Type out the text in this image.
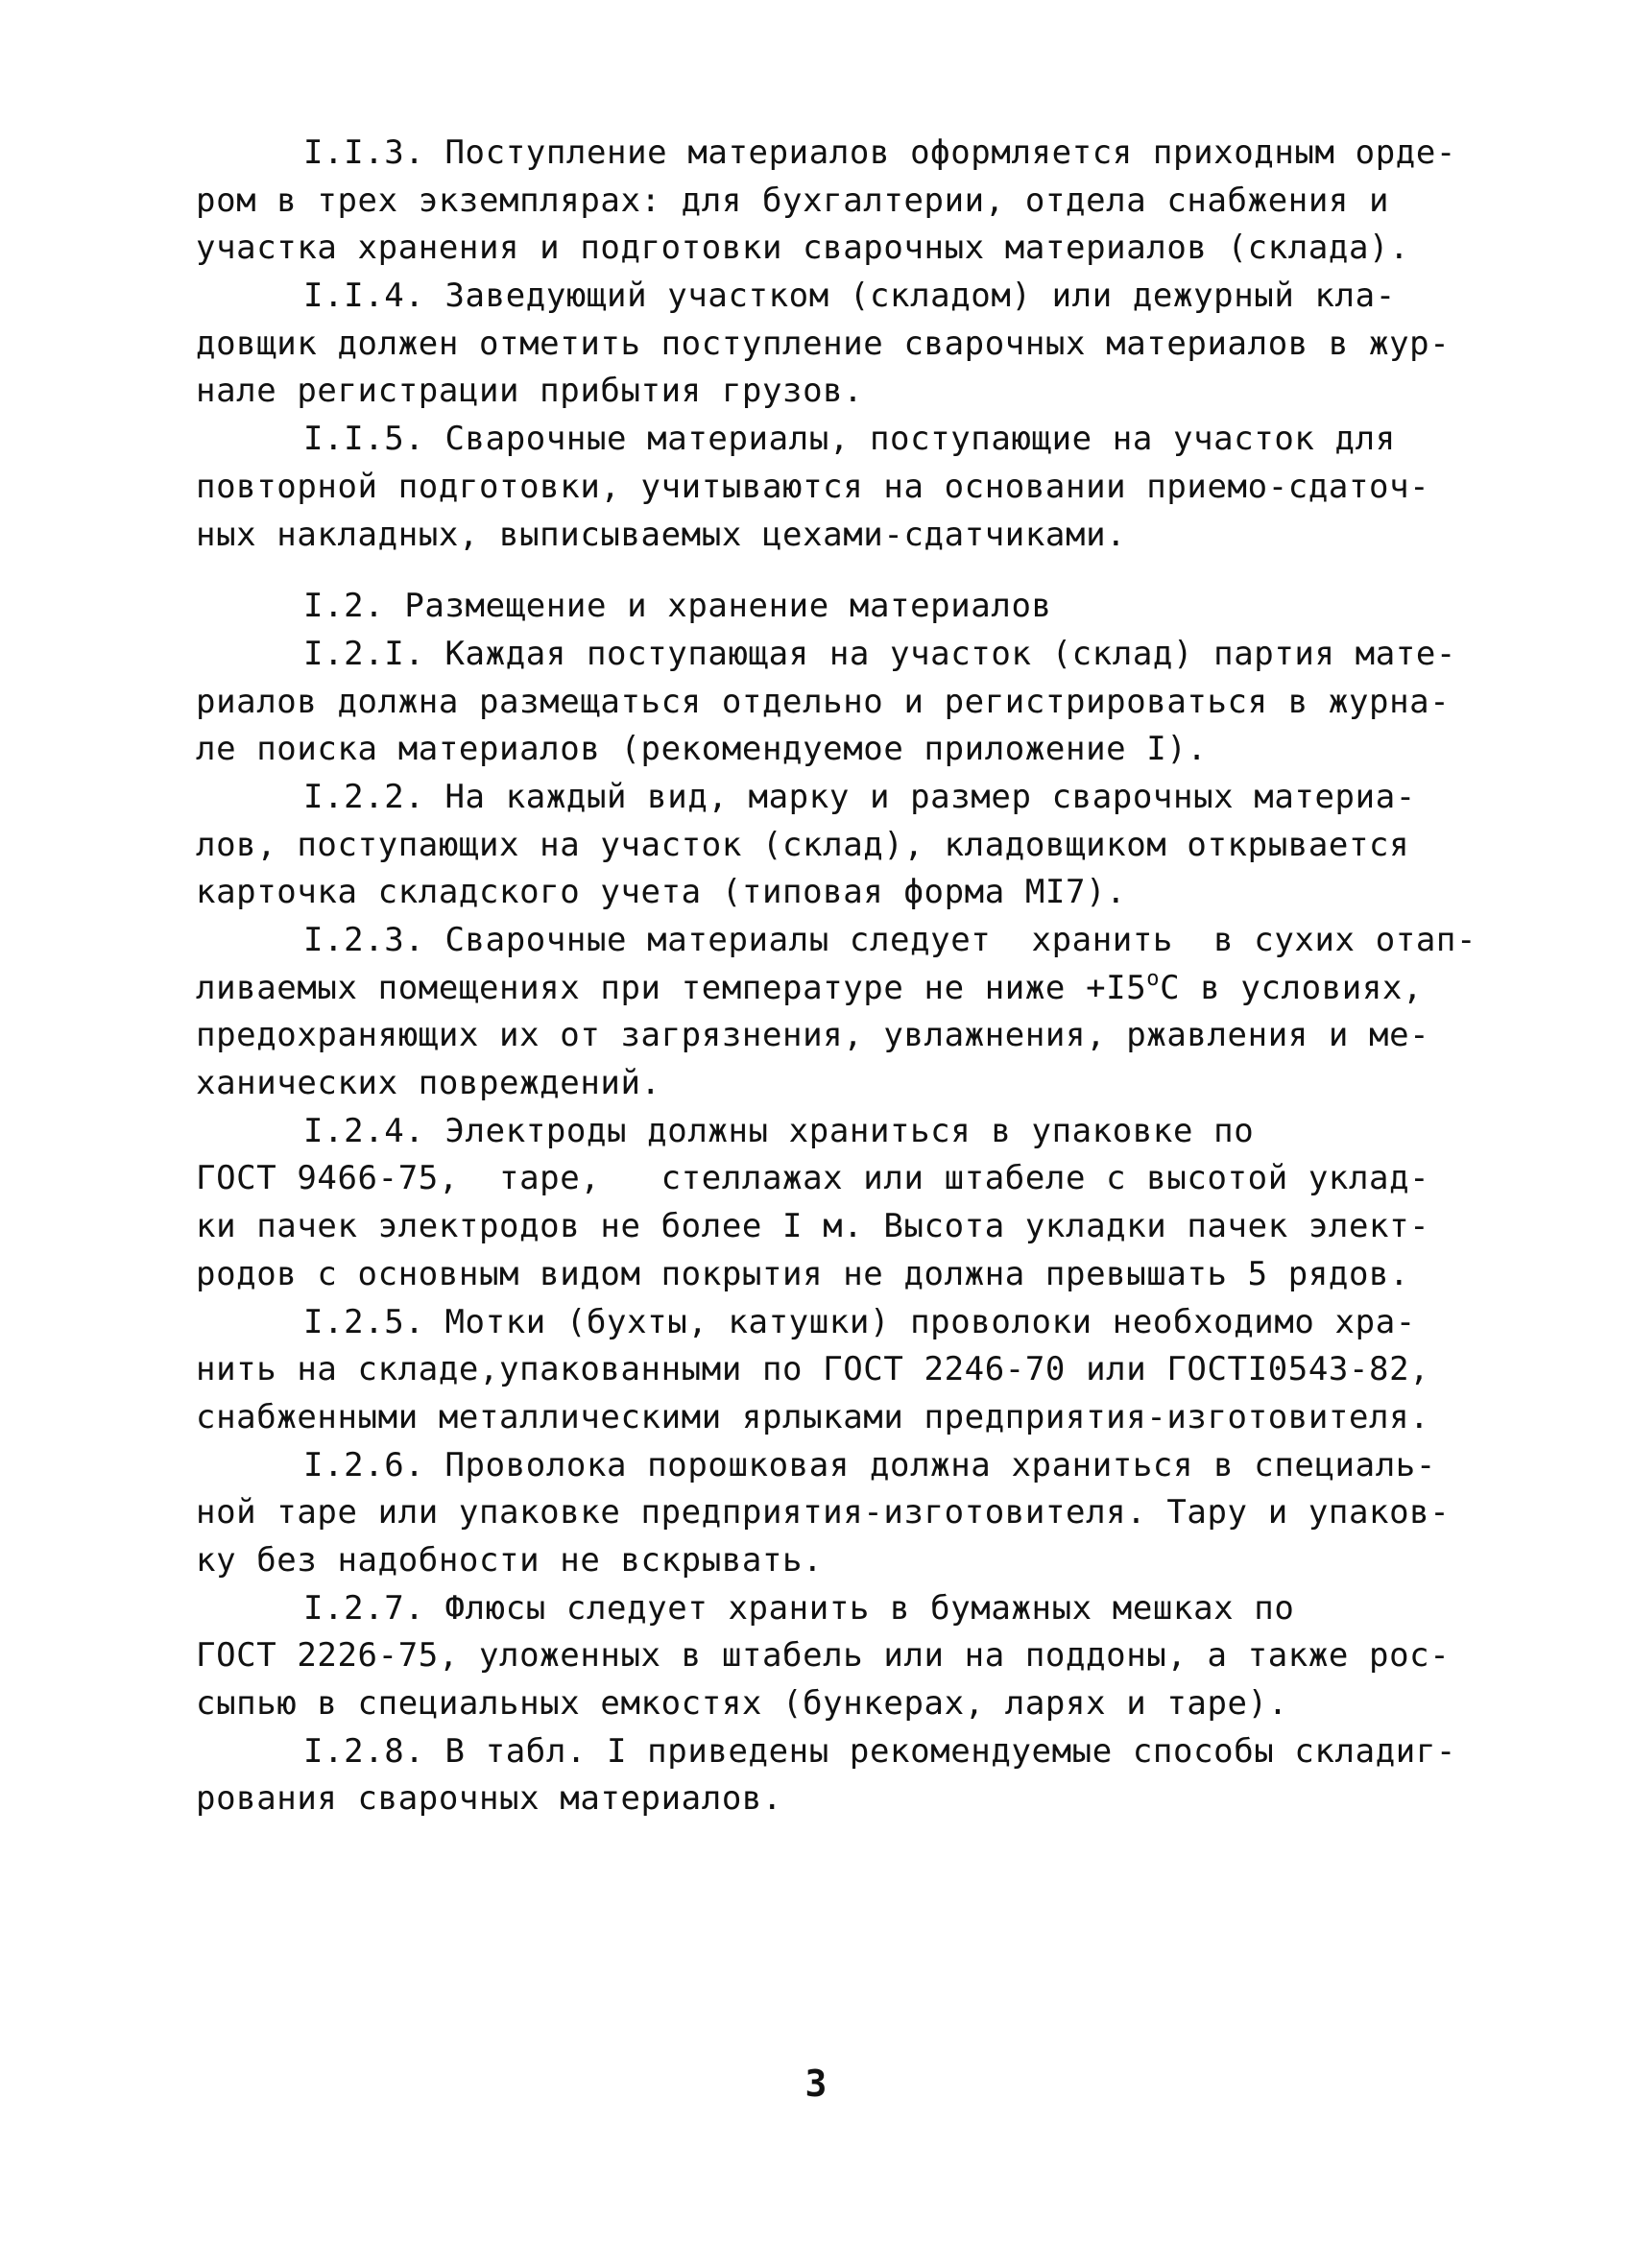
I.I.3. Поступление материалов оформляется приходным орде-
ром в трех экземплярах: для бухгалтерии, отдела снабжения и
участка хранения и подготовки сварочных материалов (склада).
I.I.4. Заведующий участком (складом) или дежурный кла-
довщик должен отметить поступление сварочных материалов в жур-
нале регистрации прибытия грузов.
I.I.5. Сварочные материалы, поступающие на участок для
повторной подготовки, учитываются на основании приемо-сдаточ-
ных накладных, выписываемых цехами-сдатчиками.
I.2. Размещение и хранение материалов
I.2.I. Каждая поступающая на участок (склад) партия мате-
риалов должна размещаться отдельно и регистрироваться в журна-
ле поиска материалов (рекомендуемое приложение I).
I.2.2. На каждый вид, марку и размер сварочных материа-
лов, поступающих на участок (склад), кладовщиком открывается
карточка складского учета (типовая форма МI7).
I.2.3. Сварочные материалы следует  хранить  в сухих отап-
ливаемых помещениях при температуре не ниже $+I5^oC$ в условиях,
предохраняющих их от загрязнения, увлажнения, ржавления и ме-
ханических повреждений.
I.2.4. Электроды должны храниться в упаковке по
ГОСТ 9466-75,  таре,   стеллажах или штабеле с высотой уклад-
ки пачек электродов не более I м. Высота укладки пачек элект-
родов с основным видом покрытия не должна превышать 5 рядов.
I.2.5. Мотки (бухты, катушки) проволоки необходимо хра-
нить на складе,упакованными по ГОСТ 2246-70 или ГОСТI0543-82,
снабженными металлическими ярлыками предприятия-изготовителя.
I.2.6. Проволока порошковая должна храниться в специаль-
ной таре или упаковке предприятия-изготовителя. Тару и упаков-
ку без надобности не вскрывать.
I.2.7. Флюсы следует хранить в бумажных мешках по
ГОСТ 2226-75, уложенных в штабель или на поддоны, а также рос-
сыпью в специальных емкостях (бункерах, ларях и таре).
I.2.8. В табл. I приведены рекомендуемые способы складиг-
рования сварочных материалов.
3
